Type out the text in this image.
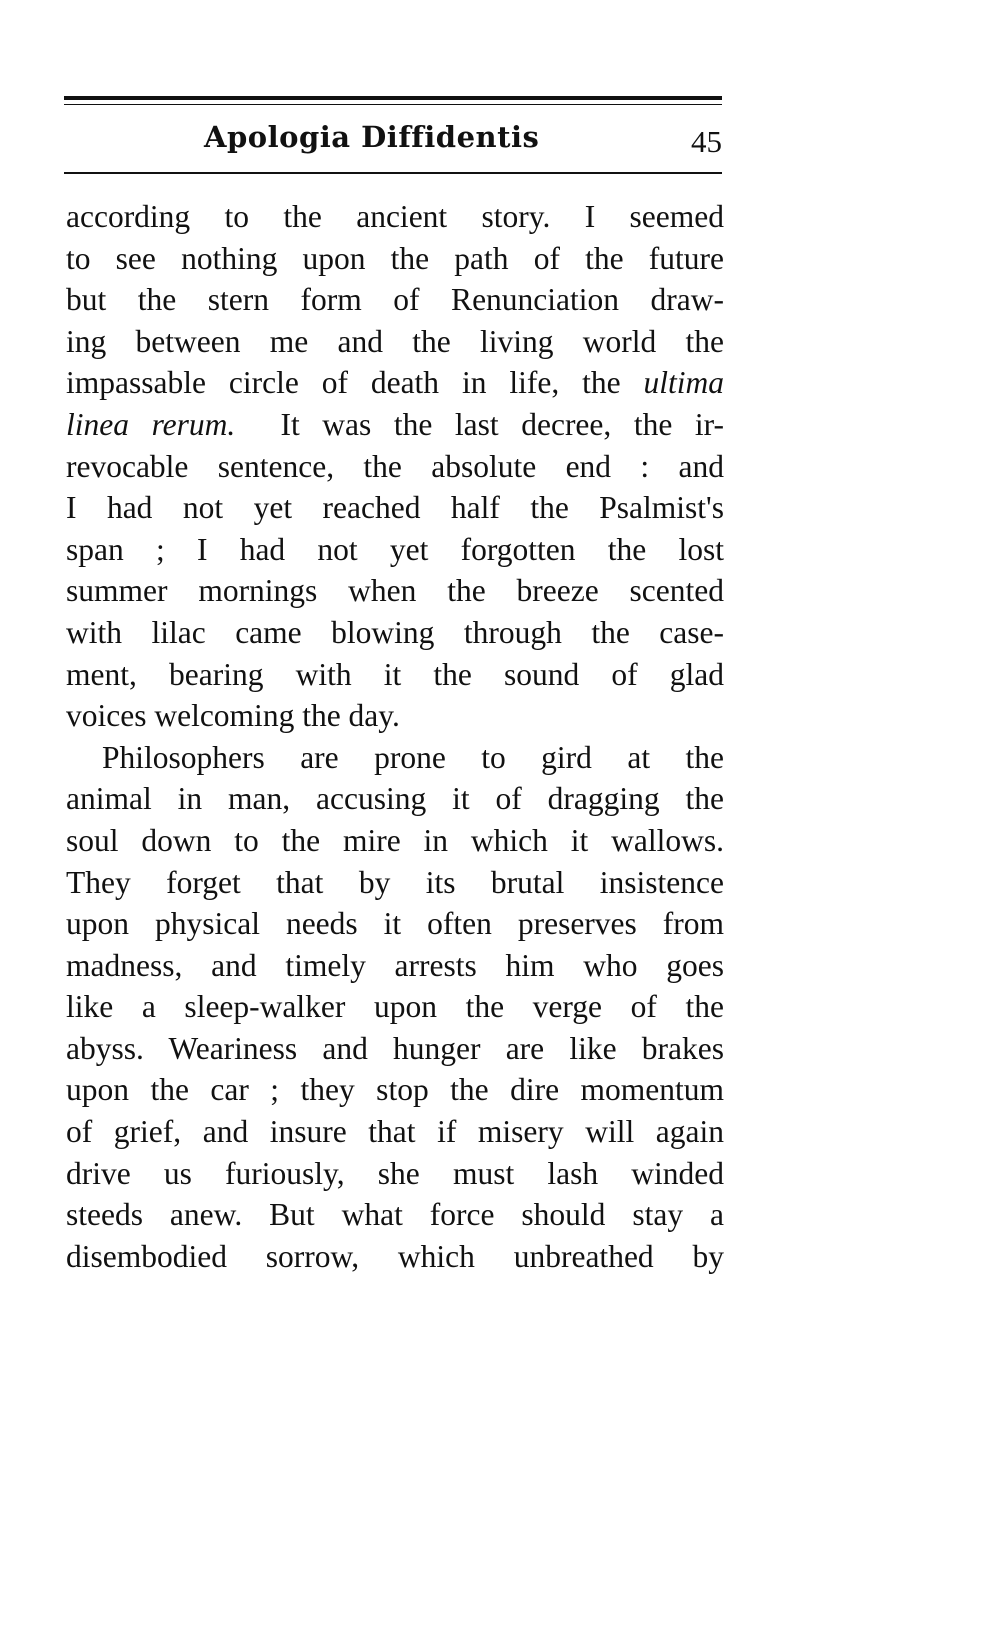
Apologia Diffidentis	45
according to the ancient story. I seemed
to see nothing upon the path of the future
but the stern form of Renunciation draw-
ing between me and the living world the
impassable circle of death in life, the ultima
linea rerum. It was the last decree, the ir-
revocable sentence, the absolute end : and
I had not yet reached half the Psalmist's
span ; I had not yet forgotten the lost
summer mornings when the breeze scented
with lilac came blowing through the case-
ment, bearing with it the sound of glad
voices welcoming the day.
Philosophers are prone to gird at the
animal in man, accusing it of dragging the
soul down to the mire in which it wallows.
They forget that by its brutal insistence
upon physical needs it often preserves from
madness, and timely arrests him who goes
like a sleep-walker upon the verge of the
abyss. Weariness and hunger are like brakes
upon the car ; they stop the dire momentum
of grief, and insure that if misery will again
drive us furiously, she must lash winded
steeds anew. But what force should stay a
disembodied sorrow, which unbreathed by
